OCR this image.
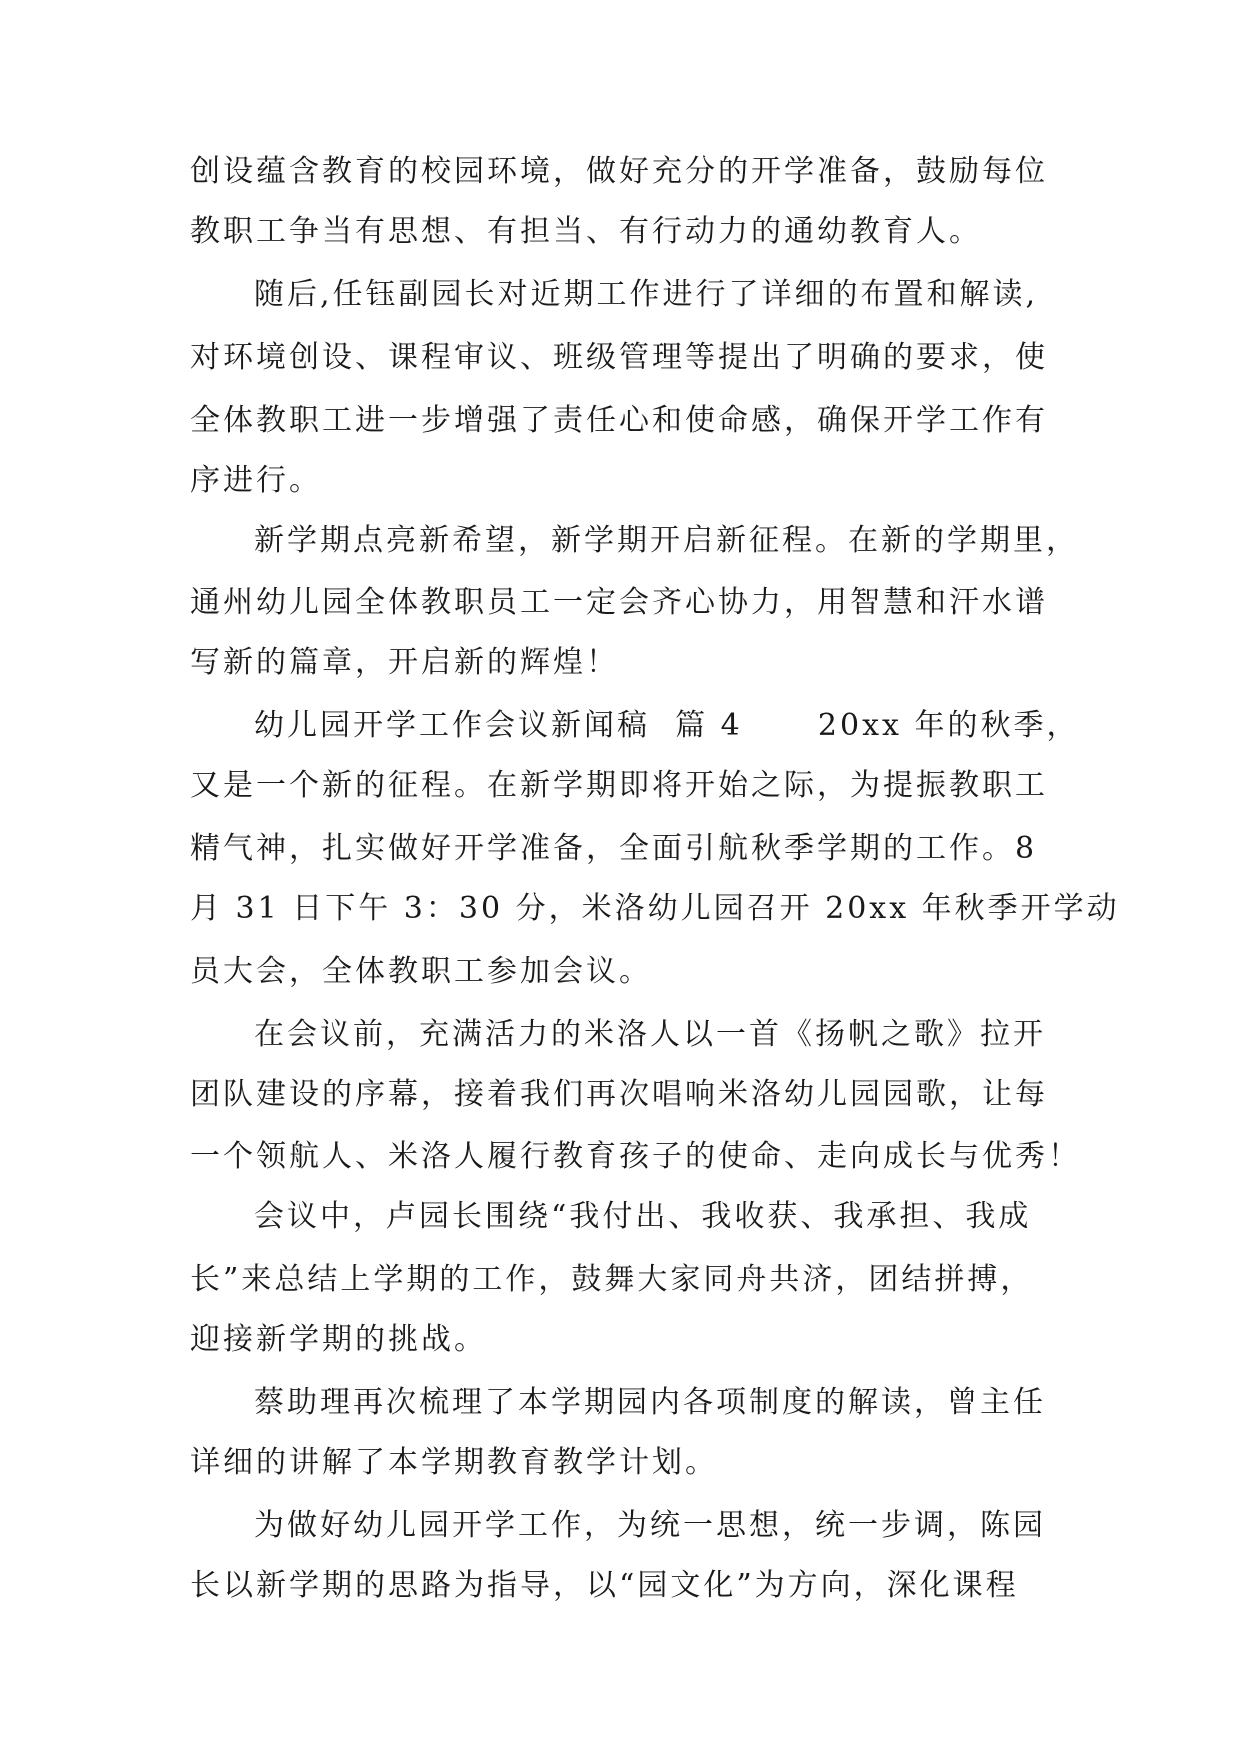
创设蕴含教育的校园环境，做好充分的开学准备，鼓励每位
教职工争当有思想、有担当、有行动力的通幼教育人。
随后,任钰副园长对近期工作进行了详细的布置和解读,
对环境创设、课程审议、班级管理等提出了明确的要求，使
全体教职工进一步增强了责任心和使命感，确保开学工作有
序进行。
新学期点亮新希望，新学期开启新征程。在新的学期里，
通州幼儿园全体教职员工一定会齐心协力，用智慧和汗水谱
写新的篇章，开启新的辉煌！
幼儿园开学工作会议新闻稿  篇 4      20xx 年的秋季，
又是一个新的征程。在新学期即将开始之际，为提振教职工
精气神，扎实做好开学准备，全面引航秋季学期的工作。8
月 31 日下午 3：30 分，米洛幼儿园召开 20xx 年秋季开学动
员大会，全体教职工参加会议。
在会议前，充满活力的米洛人以一首《扬帆之歌》拉开
团队建设的序幕，接着我们再次唱响米洛幼儿园园歌，让每
一个领航人、米洛人履行教育孩子的使命、走向成长与优秀！
会议中，卢园长围绕“我付出、我收获、我承担、我成
长”来总结上学期的工作，鼓舞大家同舟共济，团结拼搏，
迎接新学期的挑战。
蔡助理再次梳理了本学期园内各项制度的解读，曾主任
详细的讲解了本学期教育教学计划。
为做好幼儿园开学工作，为统一思想，统一步调，陈园
长以新学期的思路为指导，以“园文化”为方向，深化课程
